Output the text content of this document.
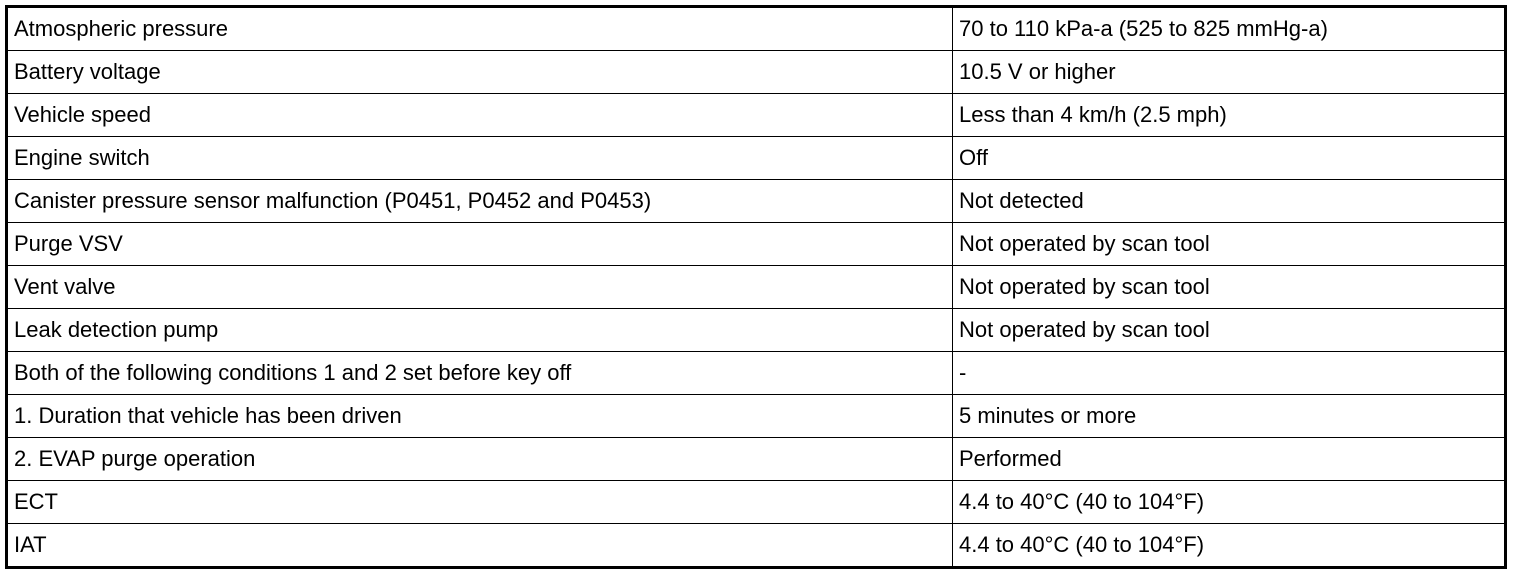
Atmospheric pressure	70 to 110 kPa-a (525 to 825 mmHg-a)
Battery voltage	10.5 V or higher
Vehicle speed	Less than 4 km/h (2.5 mph)
Engine switch	Off
Canister pressure sensor malfunction (P0451, P0452 and P0453)	Not detected
Purge VSV	Not operated by scan tool
Vent valve	Not operated by scan tool
Leak detection pump	Not operated by scan tool
Both of the following conditions 1 and 2 set before key off	-
1. Duration that vehicle has been driven	5 minutes or more
2. EVAP purge operation	Performed
ECT	4.4 to 40°C (40 to 104°F)
IAT	4.4 to 40°C (40 to 104°F)
